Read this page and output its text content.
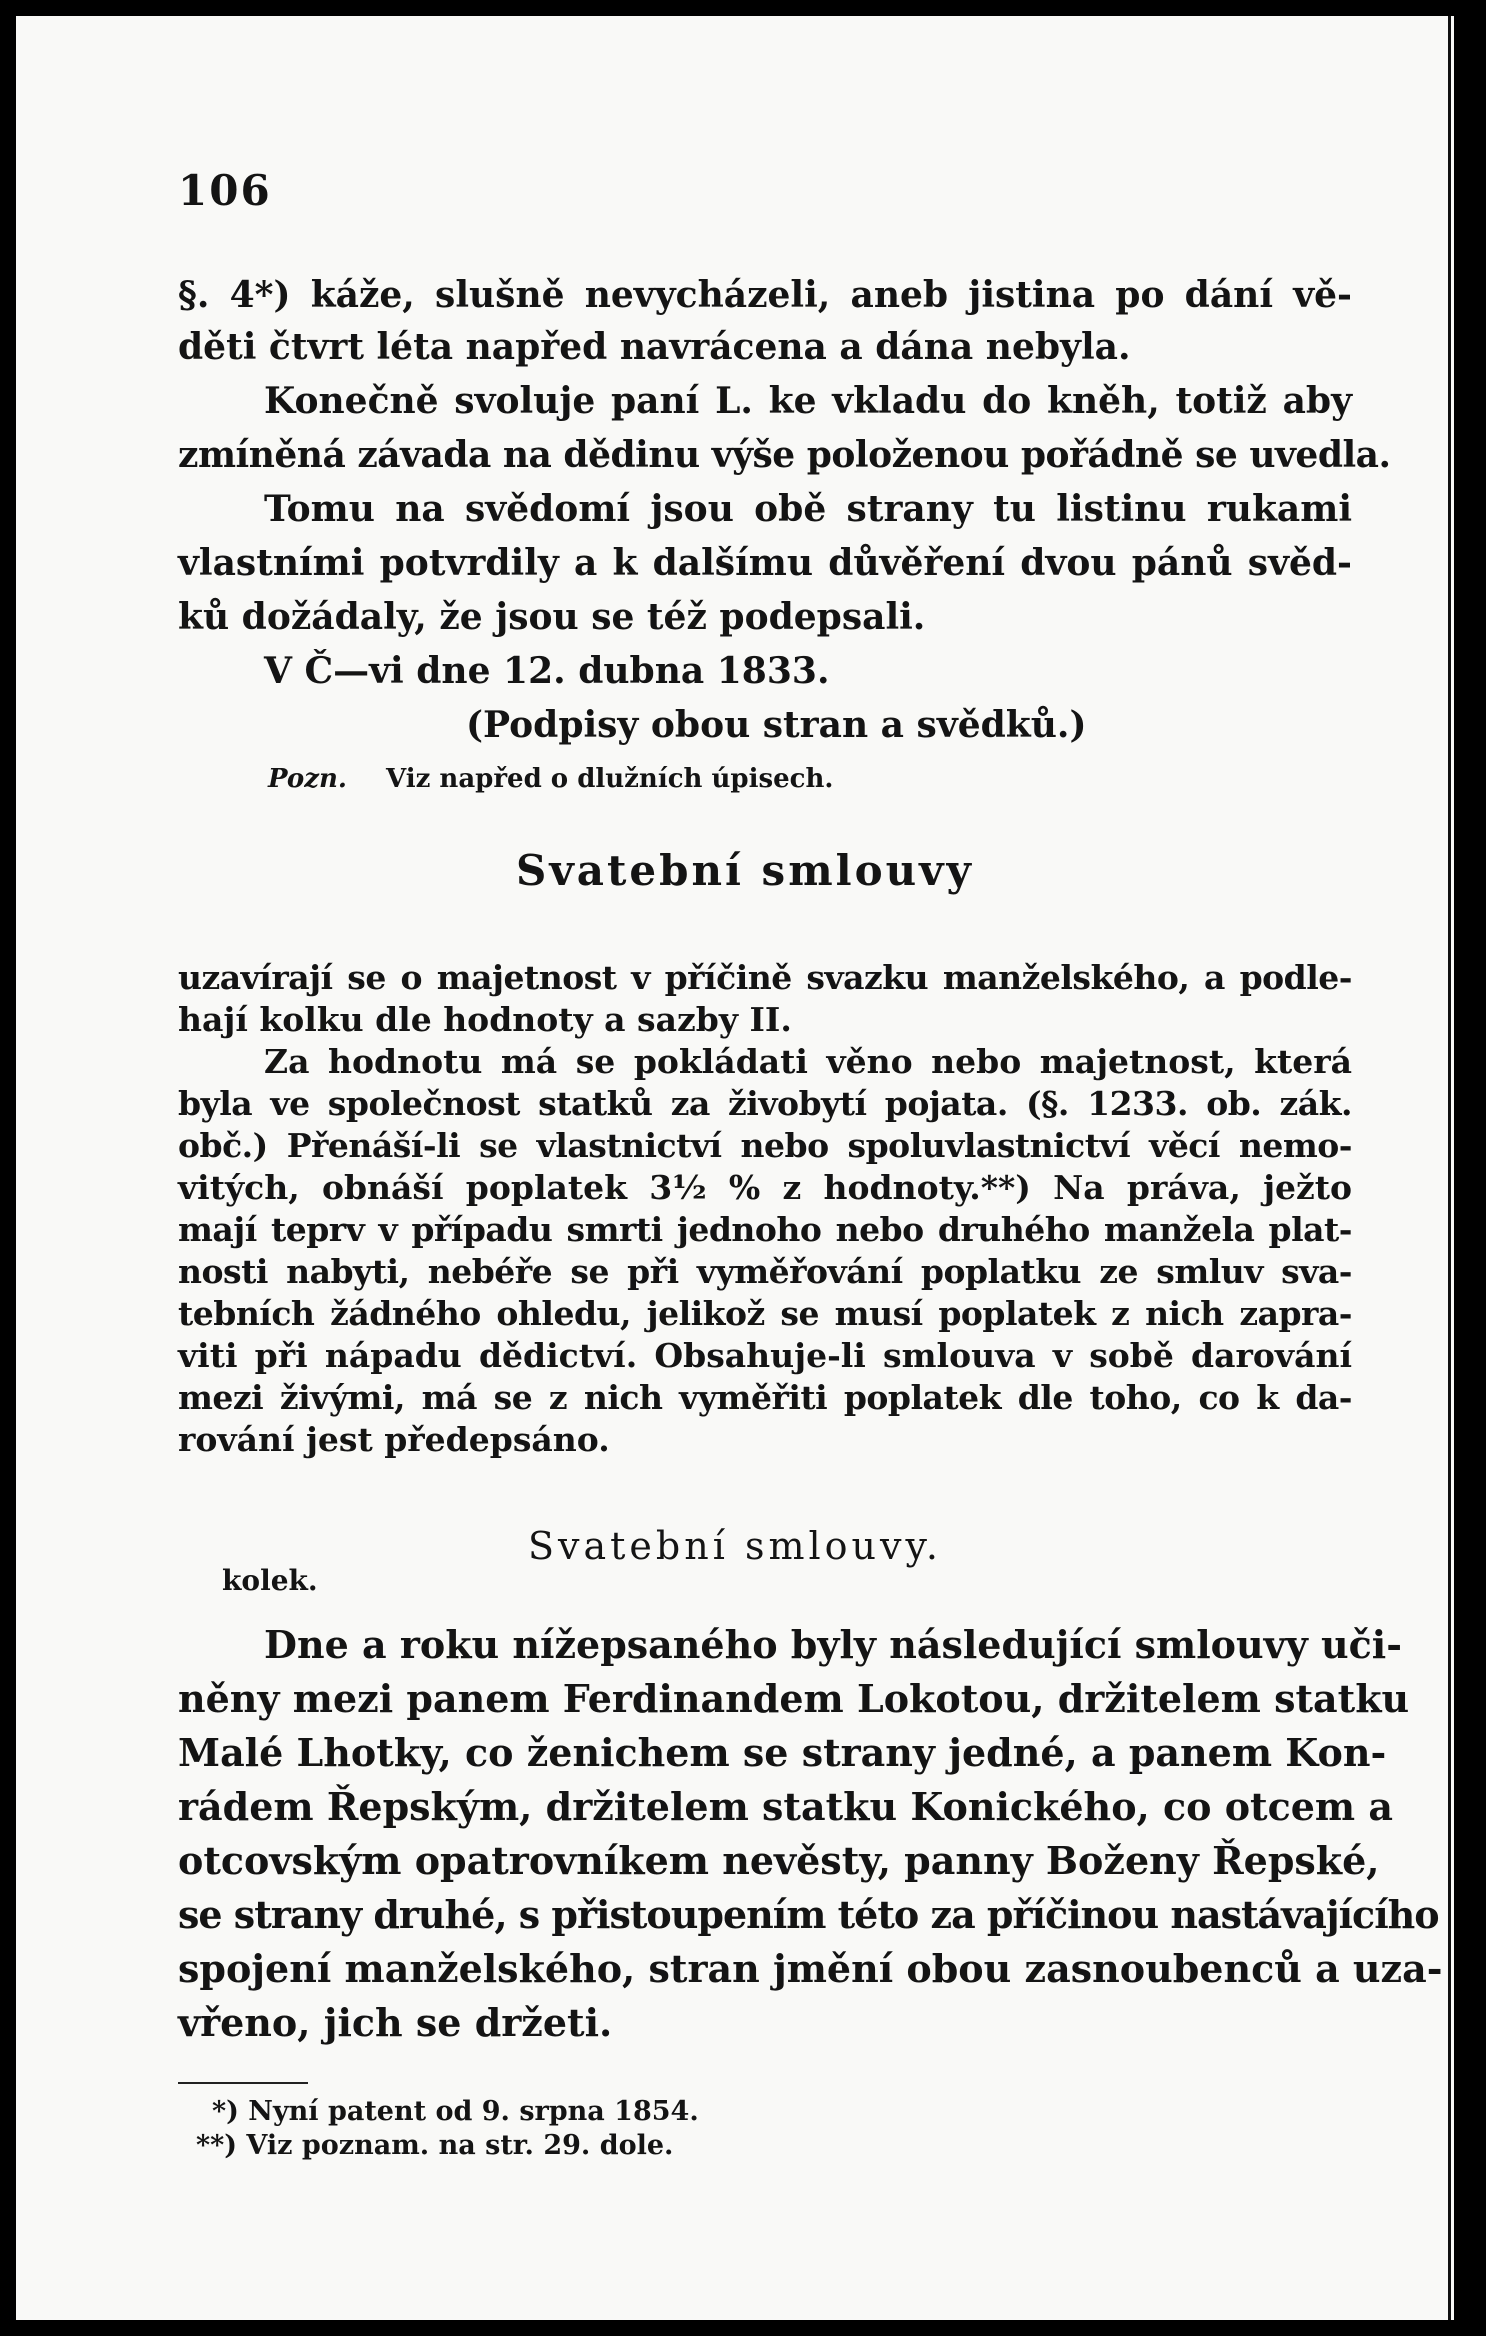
106
§. 4*) káže, slušně nevycházeli, aneb jistina po dání vě-
děti čtvrt léta napřed navrácena a dána nebyla.
Konečně svoluje paní L. ke vkladu do kněh, totiž aby
zmíněná závada na dědinu výše položenou pořádně se uvedla.
Tomu na svědomí jsou obě strany tu listinu rukami
vlastními potvrdily a k dalšímu důvěření dvou pánů svěd-
ků dožádaly, že jsou se též podepsali.
V Č—vi dne 12. dubna 1833.
(Podpisy obou stran a svědků.)
Pozn. Viz napřed o dlužních úpisech.
Svatební smlouvy
uzavírají se o majetnost v příčině svazku manželského, a podle-
hají kolku dle hodnoty a sazby II.
Za hodnotu má se pokládati věno nebo majetnost, která
byla ve společnost statků za živobytí pojata. (§. 1233. ob. zák.
obč.) Přenáší-li se vlastnictví nebo spoluvlastnictví věcí nemo-
vitých, obnáší poplatek 3½ % z hodnoty.**) Na práva, ježto
mají teprv v případu smrti jednoho nebo druhého manžela plat-
nosti nabyti, nebéře se při vyměřování poplatku ze smluv sva-
tebních žádného ohledu, jelikož se musí poplatek z nich zapra-
viti při nápadu dědictví. Obsahuje-li smlouva v sobě darování
mezi živými, má se z nich vyměřiti poplatek dle toho, co k da-
rování jest předepsáno.
Svatební smlouvy.
kolek.
Dne a roku nížepsaného byly následující smlouvy uči-
něny mezi panem Ferdinandem Lokotou, držitelem statku
Malé Lhotky, co ženichem se strany jedné, a panem Kon-
rádem Řepským, držitelem statku Konického, co otcem a
otcovským opatrovníkem nevěsty, panny Boženy Řepské,
se strany druhé, s přistoupením této za příčinou nastávajícího
spojení manželského, stran jmění obou zasnoubenců a uza-
vřeno, jich se držeti.
*) Nyní patent od 9. srpna 1854.
**) Viz poznam. na str. 29. dole.
